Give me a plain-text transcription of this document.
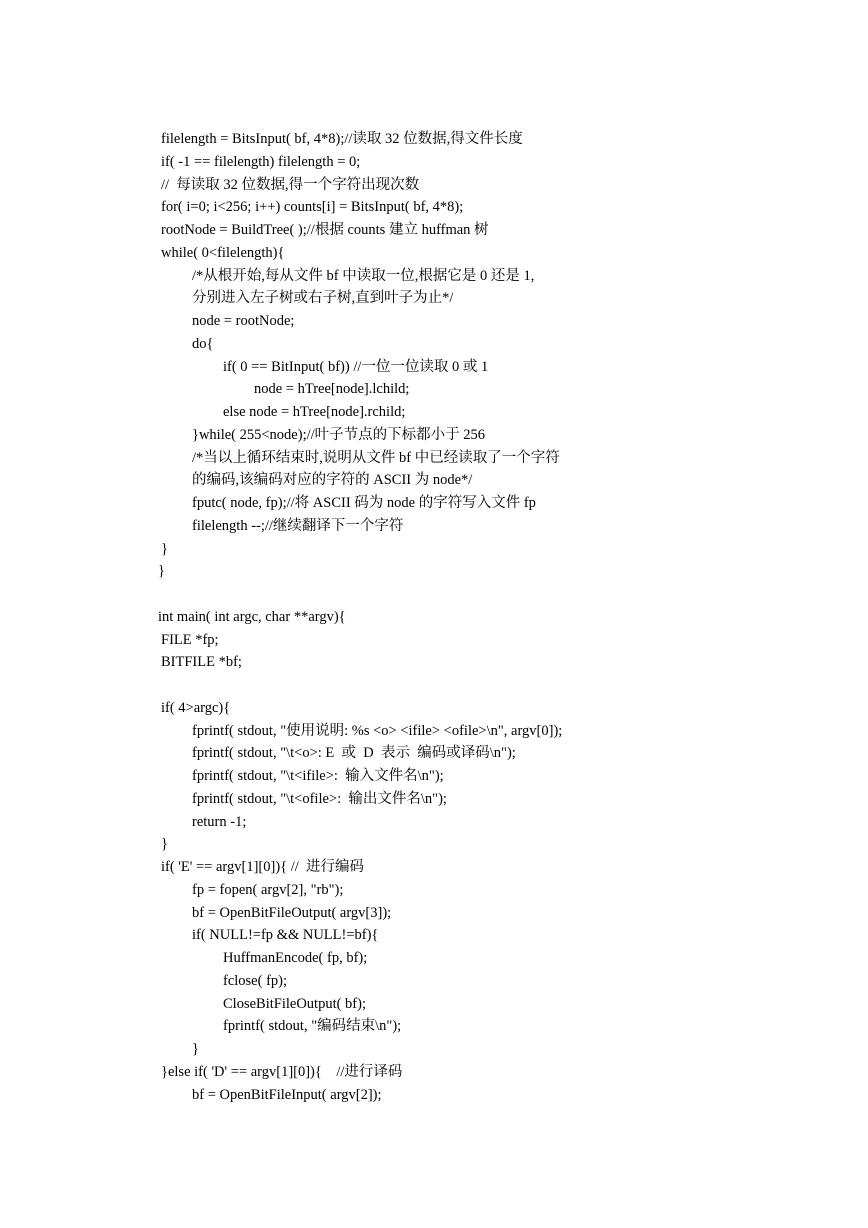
filelength = BitsInput( bf, 4*8);//读取 32 位数据,得文件长度
if( -1 == filelength) filelength = 0;
//  每读取 32 位数据,得一个字符出现次数
for( i=0; i<256; i++) counts[i] = BitsInput( bf, 4*8);
rootNode = BuildTree( );//根据 counts 建立 huffman 树
while( 0<filelength){
/*从根开始,每从文件 bf 中读取一位,根据它是 0 还是 1,
分别进入左子树或右子树,直到叶子为止*/
node = rootNode;
do{
if( 0 == BitInput( bf)) //一位一位读取 0 或 1
node = hTree[node].lchild;
else node = hTree[node].rchild;
}while( 255<node);//叶子节点的下标都小于 256
/*当以上循环结束时,说明从文件 bf 中已经读取了一个字符
的编码,该编码对应的字符的 ASCII 为 node*/
fputc( node, fp);//将 ASCII 码为 node 的字符写入文件 fp
filelength --;//继续翻译下一个字符
}
}
int main( int argc, char **argv){
FILE *fp;
BITFILE *bf;
if( 4>argc){
fprintf( stdout, "使用说明: %s <o> <ifile> <ofile>\n", argv[0]);
fprintf( stdout, "\t<o>: E  或  D  表示  编码或译码\n");
fprintf( stdout, "\t<ifile>:  输入文件名\n");
fprintf( stdout, "\t<ofile>:  输出文件名\n");
return -1;
}
if( 'E' == argv[1][0]){ //  进行编码
fp = fopen( argv[2], "rb");
bf = OpenBitFileOutput( argv[3]);
if( NULL!=fp && NULL!=bf){
HuffmanEncode( fp, bf);
fclose( fp);
CloseBitFileOutput( bf);
fprintf( stdout, "编码结束\n");
}
}else if( 'D' == argv[1][0]){    //进行译码
bf = OpenBitFileInput( argv[2]);
